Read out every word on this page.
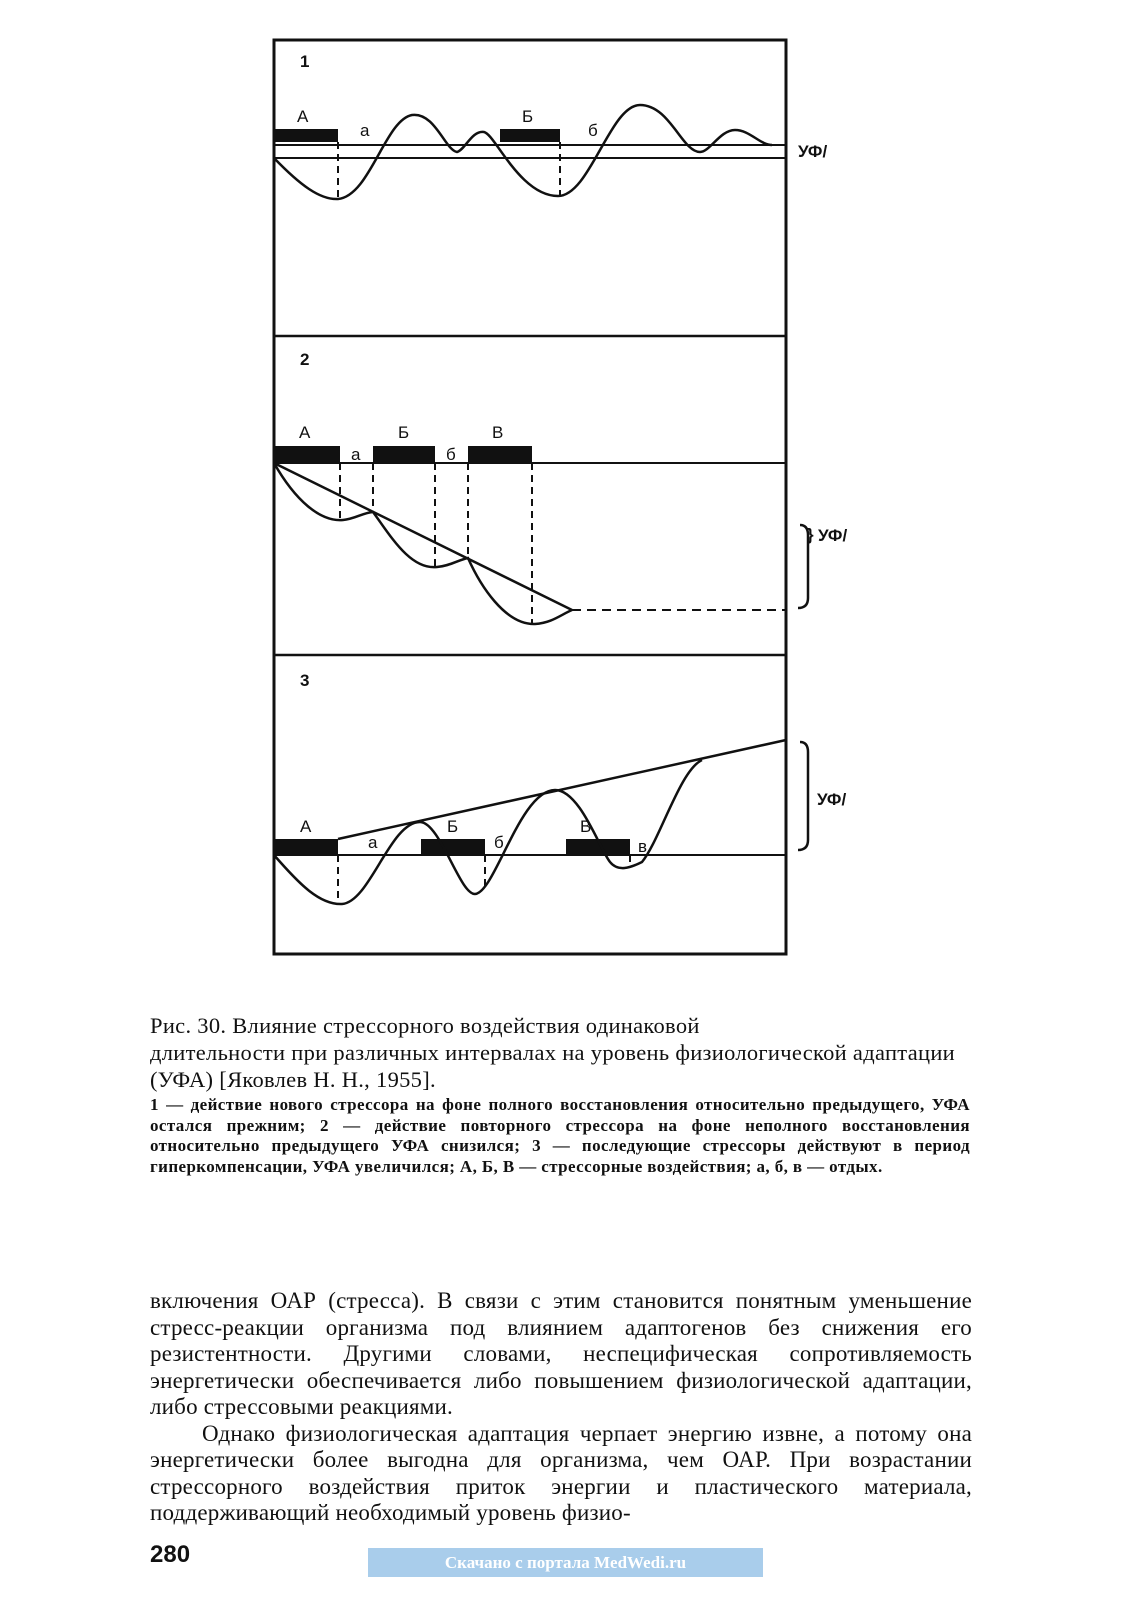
1
А	Б
а	б
УФ/
2
А	Б	В
а	б
} УФ/
3
А	Б	В
а	б	в
УФ/
Рис. 30. Влияние стрессорного воздействия одинаковой
длительности при различных интервалах на уровень физиологической адаптации (УФА) [Яковлев Н. Н., 1955].
1 — действие нового стрессора на фоне полного восстановления относительно предыдущего, УФА остался прежним; 2 — действие повторного стрессора на фоне неполного восстановления относительно предыдущего УФА снизился; 3 — последующие стрессоры действуют в период гиперкомпенсации, УФА увеличился; А, Б, В — стрессорные воздействия; а, б, в — отдых.

включения ОАР (стресса). В связи с этим становится понятным уменьшение стресс-реакции организма под влиянием адаптогенов без снижения его резистентности. Другими словами, неспецифическая сопротивляемость энергетически обеспечивается либо повышением физиологической адаптации, либо стрессовыми реакциями.

Однако физиологическая адаптация черпает энергию извне, а потому она энергетически более выгодна для организма, чем ОАР. При возрастании стрессорного воздействия приток энергии и пластического материала, поддерживающий необходимый уровень физио-

280	Скачано с портала MedWedi.ru
